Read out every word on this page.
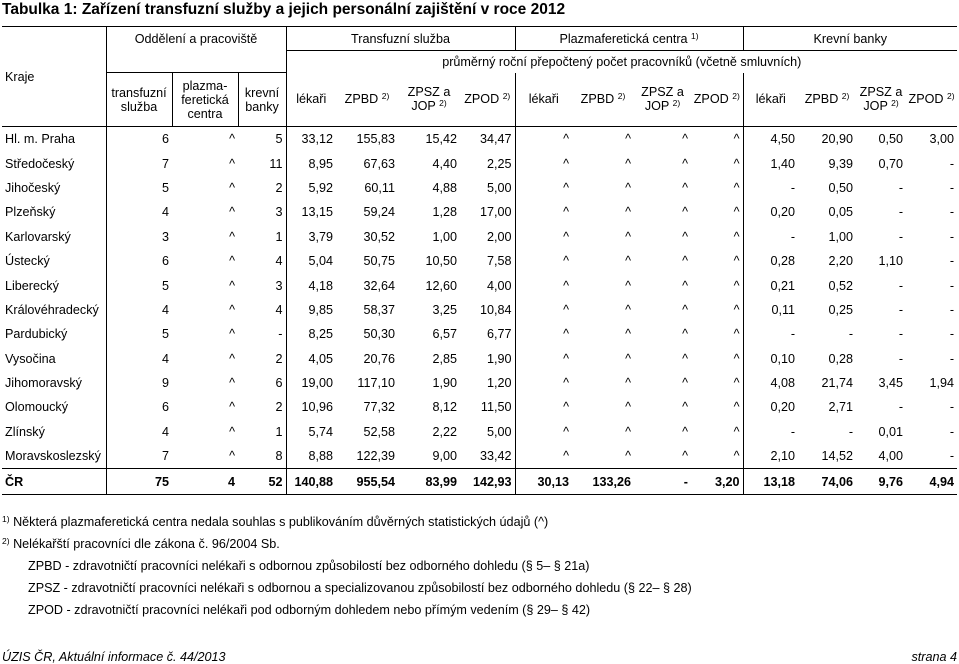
Tabulka 1: Zařízení transfuzní služby a jejich personální zajištění v roce 2012
Kraje	Oddělení a pracoviště			Transfuzní služba				Plazmaferetická centra $^{1)}$				Krevní banky			
				průměrný roční přepočtený počet pracovníků (včetně smluvních)											
	transfuzní služba	plazma-feretická centra	krevní banky	lékaři	ZPBD $^{2)}$	ZPSZ a JOP $^{2)}$	ZPOD $^{2)}$	lékaři	ZPBD $^{2)}$	ZPSZ a JOP $^{2)}$	ZPOD $^{2)}$	lékaři	ZPBD $^{2)}$	ZPSZ a JOP $^{2)}$	ZPOD $^{2)}$
Hl. m. Praha	6	^	5	33,12	155,83	15,42	34,47	^	^	^	^	4,50	20,90	0,50	3,00
Středočeský	7	^	11	8,95	67,63	4,40	2,25	^	^	^	^	1,40	9,39	0,70	-
Jihočeský	5	^	2	5,92	60,11	4,88	5,00	^	^	^	^	-	0,50	-	-
Plzeňský	4	^	3	13,15	59,24	1,28	17,00	^	^	^	^	0,20	0,05	-	-
Karlovarský	3	^	1	3,79	30,52	1,00	2,00	^	^	^	^	-	1,00	-	-
Ústecký	6	^	4	5,04	50,75	10,50	7,58	^	^	^	^	0,28	2,20	1,10	-
Liberecký	5	^	3	4,18	32,64	12,60	4,00	^	^	^	^	0,21	0,52	-	-
Královéhradecký	4	^	4	9,85	58,37	3,25	10,84	^	^	^	^	0,11	0,25	-	-
Pardubický	5	^	-	8,25	50,30	6,57	6,77	^	^	^	^	-	-	-	-
Vysočina	4	^	2	4,05	20,76	2,85	1,90	^	^	^	^	0,10	0,28	-	-
Jihomoravský	9	^	6	19,00	117,10	1,90	1,20	^	^	^	^	4,08	21,74	3,45	1,94
Olomoucký	6	^	2	10,96	77,32	8,12	11,50	^	^	^	^	0,20	2,71	-	-
Zlínský	4	^	1	5,74	52,58	2,22	5,00	^	^	^	^	-	-	0,01	-
Moravskoslezský	7	^	8	8,88	122,39	9,00	33,42	^	^	^	^	2,10	14,52	4,00	-
ČR	75	4	52	140,88	955,54	83,99	142,93	30,13	133,26	-	3,20	13,18	74,06	9,76	4,94
$^{1)}$ Některá plazmaferetická centra nedala souhlas s publikováním důvěrných statistických údajů (^)
$^{2)}$ Nelékařští pracovníci dle zákona č. 96/2004 Sb.
ZPBD - zdravotničtí pracovníci nelékaři s odbornou způsobilostí bez odborného dohledu (§ 5– § 21a)
ZPSZ - zdravotničtí pracovníci nelékaři s odbornou a specializovanou způsobilostí bez odborného dohledu (§ 22– § 28)
ZPOD - zdravotničtí pracovníci nelékaři pod odborným dohledem nebo přímým vedením (§ 29– § 42)
ÚZIS ČR, Aktuální informace č. 44/2013	strana 4
